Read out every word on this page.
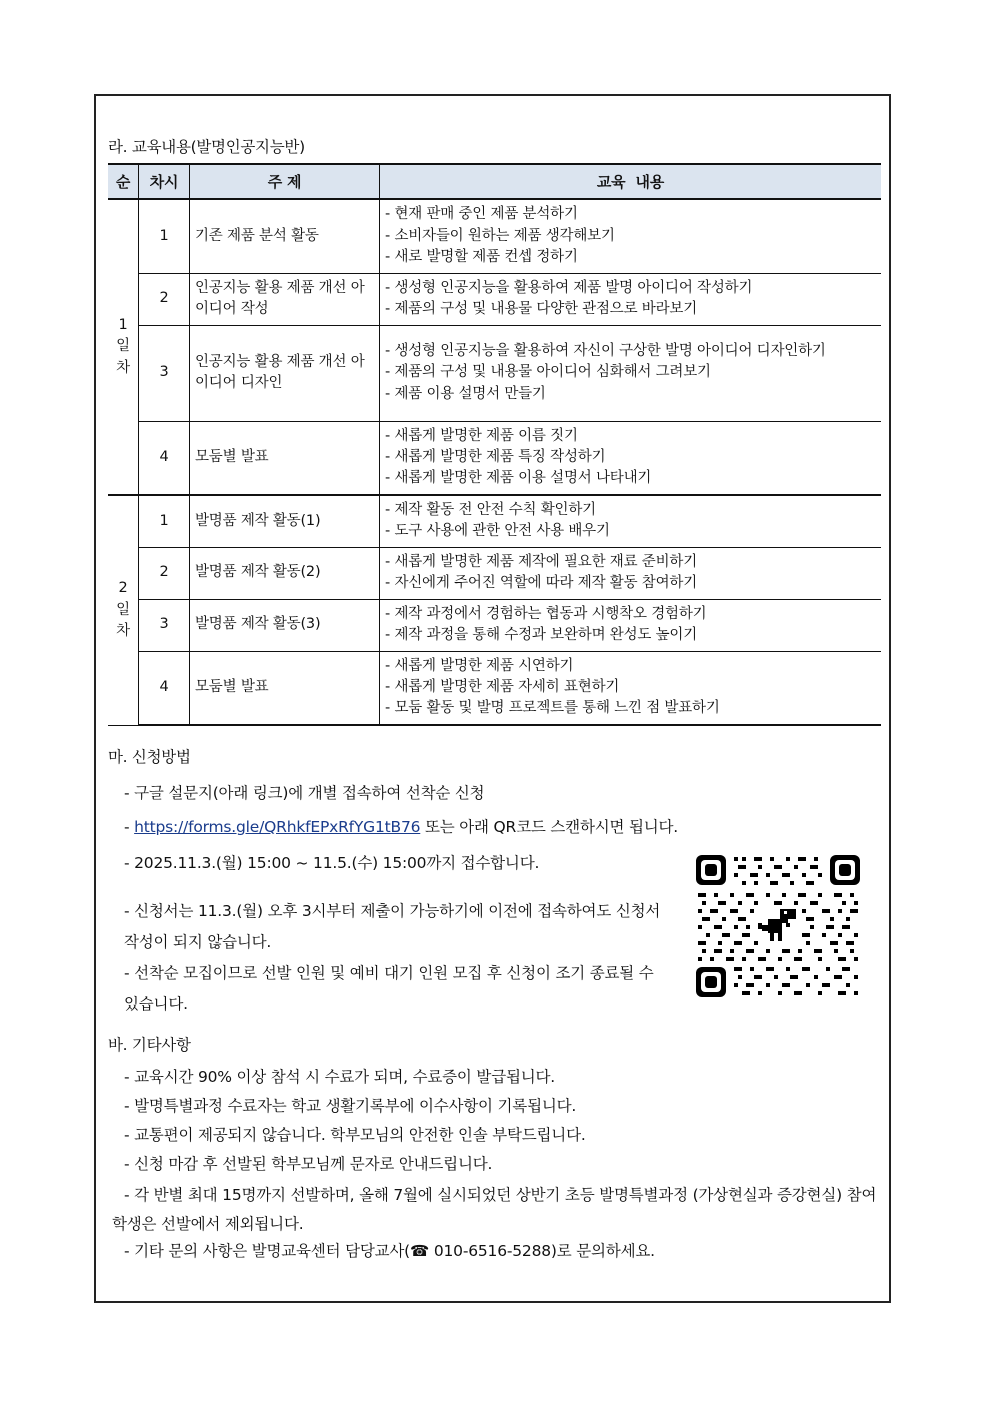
라. 교육내용(발명인공지능반)
순	차시	주 제	교육  내용

1
일
차	1	기존 제품 분석 활동	- 현재 판매 중인 제품 분석하기
- 소비자들이 원하는 제품 생각해보기
- 새로 발명할 제품 컨셉 정하기

	2	인공지능 활용 제품 개선 아이디어 작성	- 생성형 인공지능을 활용하여 제품 발명 아이디어 작성하기
- 제품의 구성 및 내용물 다양한 관점으로 바라보기

	3	인공지능 활용 제품 개선 아이디어 디자인	- 생성형 인공지능을 활용하여 자신이 구상한 발명 아이디어 디자인하기
- 제품의 구성 및 내용물 아이디어 심화해서 그려보기
- 제품 이용 설명서 만들기

	4	모둠별 발표	- 새롭게 발명한 제품 이름 짓기
- 새롭게 발명한 제품 특징 작성하기
- 새롭게 발명한 제품 이용 설명서 나타내기

2
일
차	1	발명품 제작 활동(1)	- 제작 활동 전 안전 수칙 확인하기
- 도구 사용에 관한 안전 사용 배우기

	2	발명품 제작 활동(2)	- 새롭게 발명한 제품 제작에 필요한 재료 준비하기
- 자신에게 주어진 역할에 따라 제작 활동 참여하기

	3	발명품 제작 활동(3)	- 제작 과정에서 경험하는 협동과 시행착오 경험하기
- 제작 과정을 통해 수정과 보완하며 완성도 높이기

	4	모둠별 발표	- 새롭게 발명한 제품 시연하기
- 새롭게 발명한 제품 자세히 표현하기
- 모둠 활동 및 발명 프로젝트를 통해 느낀 점 발표하기
마. 신청방법
- 구글 설문지(아래 링크)에 개별 접속하여 선착순 신청
- https://forms.gle/QRhkfEPxRfYG1tB76 또는 아래 QR코드 스캔하시면 됩니다.
- 2025.11.3.(월) 15:00 ~ 11.5.(수) 15:00까지 접수합니다.
- 신청서는 11.3.(월) 오후 3시부터 제출이 가능하기에 이전에 접속하여도 신청서 작성이 되지 않습니다.
- 선착순 모집이므로 선발 인원 및 예비 대기 인원 모집 후 신청이 조기 종료될 수 있습니다.
바. 기타사항
- 교육시간 90% 이상 참석 시 수료가 되며, 수료증이 발급됩니다.
- 발명특별과정 수료자는 학교 생활기록부에 이수사항이 기록됩니다.
- 교통편이 제공되지 않습니다. 학부모님의 안전한 인솔 부탁드립니다.
- 신청 마감 후 선발된 학부모님께 문자로 안내드립니다.
- 각 반별 최대 15명까지 선발하며, 올해 7월에 실시되었던 상반기 초등 발명특별과정 (가상현실과 증강현실) 참여 학생은 선발에서 제외됩니다.
- 기타 문의 사항은 발명교육센터 담당교사(☎ 010-6516-5288)로 문의하세요.
